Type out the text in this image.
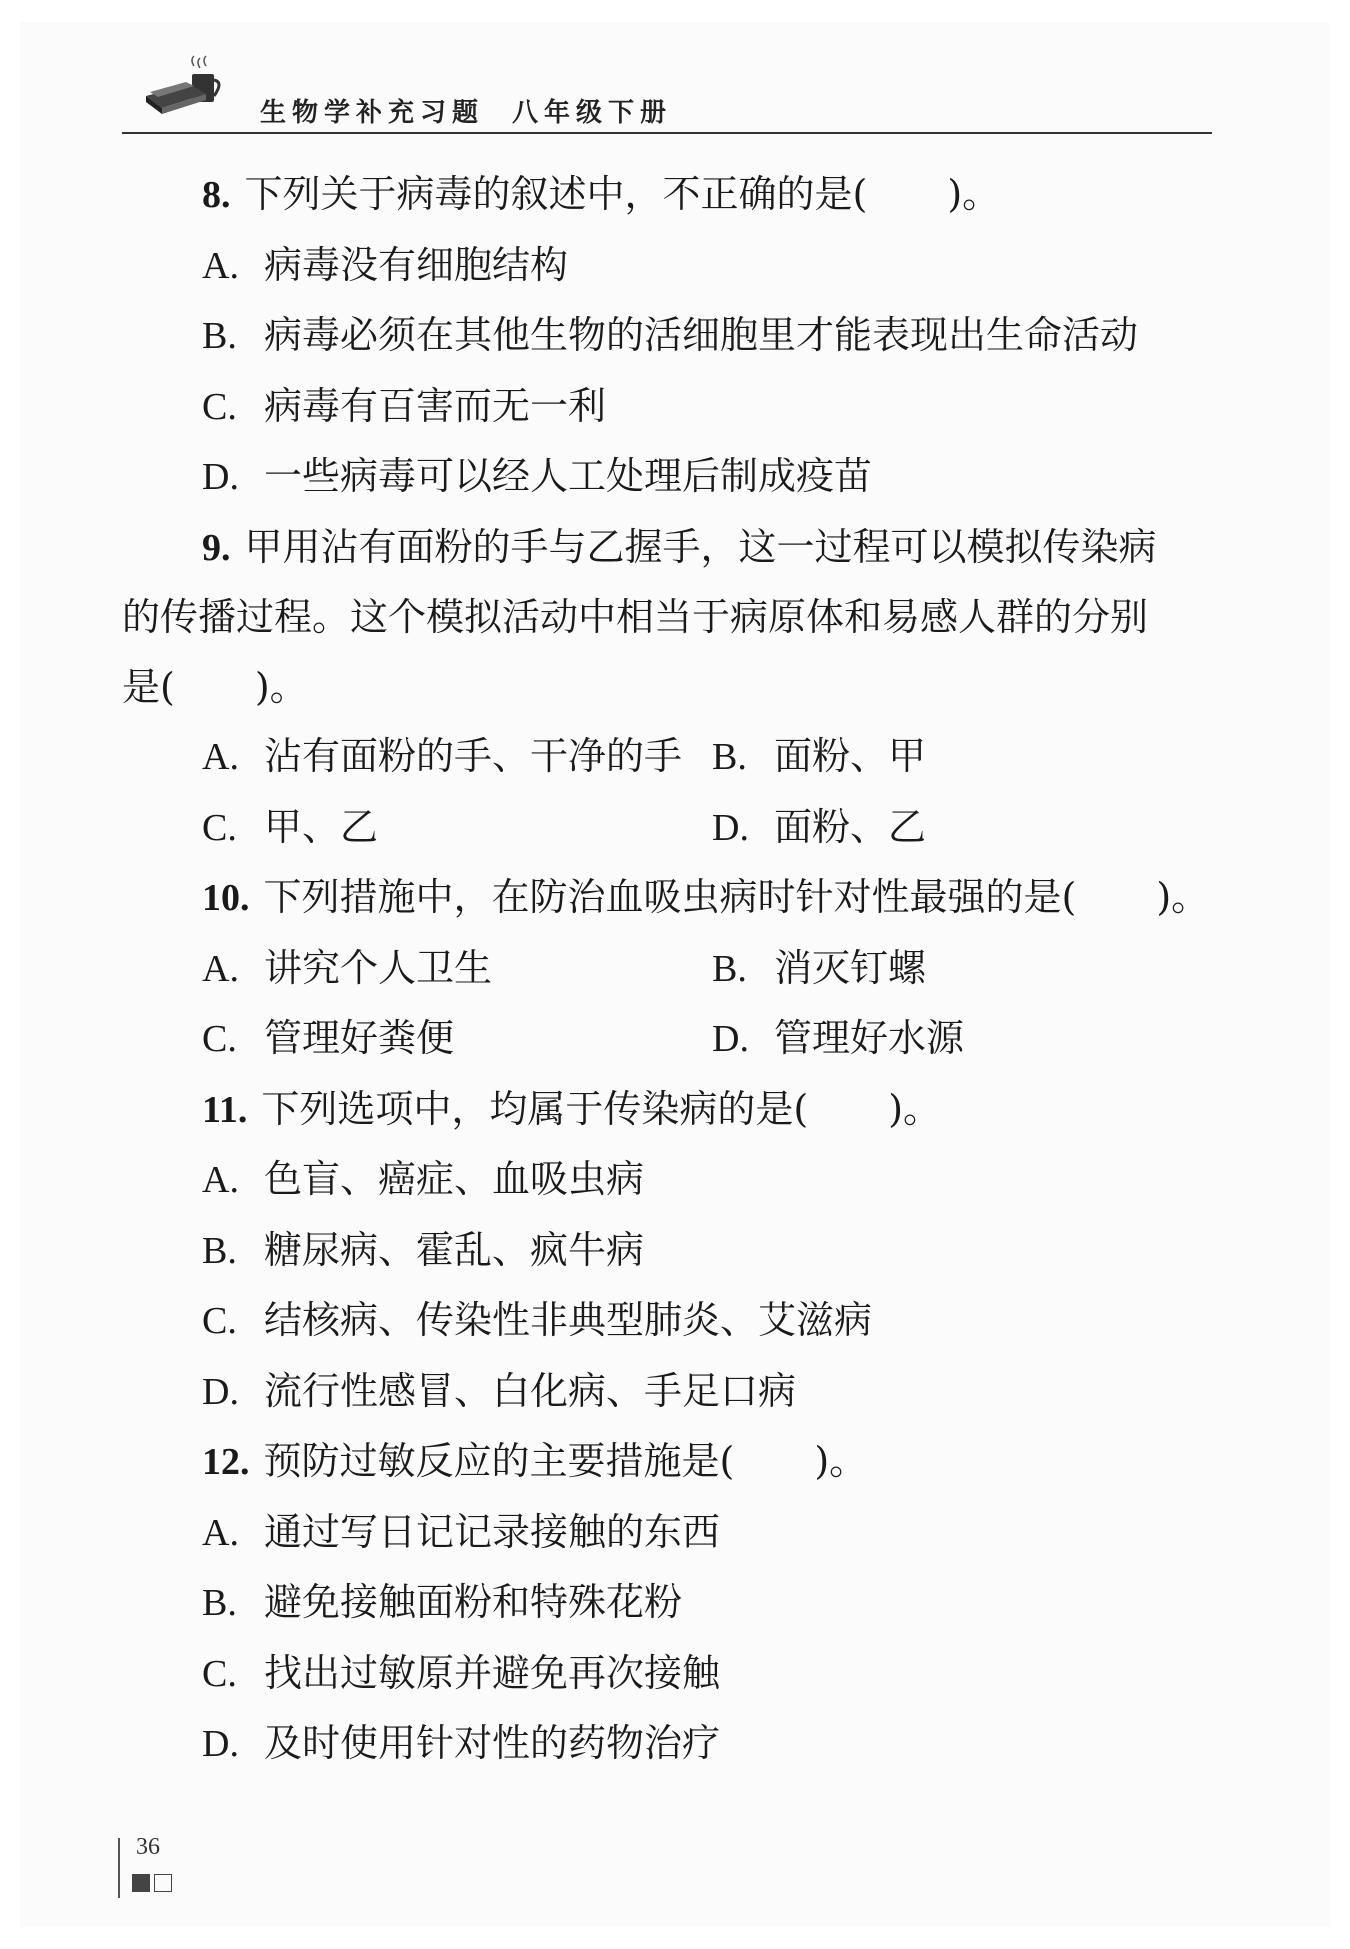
生物学补充习题 八年级下册
8. 下列关于病毒的叙述中，不正确的是( )。
A. 病毒没有细胞结构
B. 病毒必须在其他生物的活细胞里才能表现出生命活动
C. 病毒有百害而无一利
D. 一些病毒可以经人工处理后制成疫苗
9. 甲用沾有面粉的手与乙握手，这一过程可以模拟传染病
的传播过程。这个模拟活动中相当于病原体和易感人群的分别
是( )。
A. 沾有面粉的手、干净的手 B. 面粉、甲
C. 甲、乙	D. 面粉、乙
10. 下列措施中，在防治血吸虫病时针对性最强的是( )。
A. 讲究个人卫生	B. 消灭钉螺
C. 管理好粪便	D. 管理好水源
11. 下列选项中，均属于传染病的是( )。
A. 色盲、癌症、血吸虫病
B. 糖尿病、霍乱、疯牛病
C. 结核病、传染性非典型肺炎、艾滋病
D. 流行性感冒、白化病、手足口病
12. 预防过敏反应的主要措施是( )。
A. 通过写日记记录接触的东西
B. 避免接触面粉和特殊花粉
C. 找出过敏原并避免再次接触
D. 及时使用针对性的药物治疗
36
